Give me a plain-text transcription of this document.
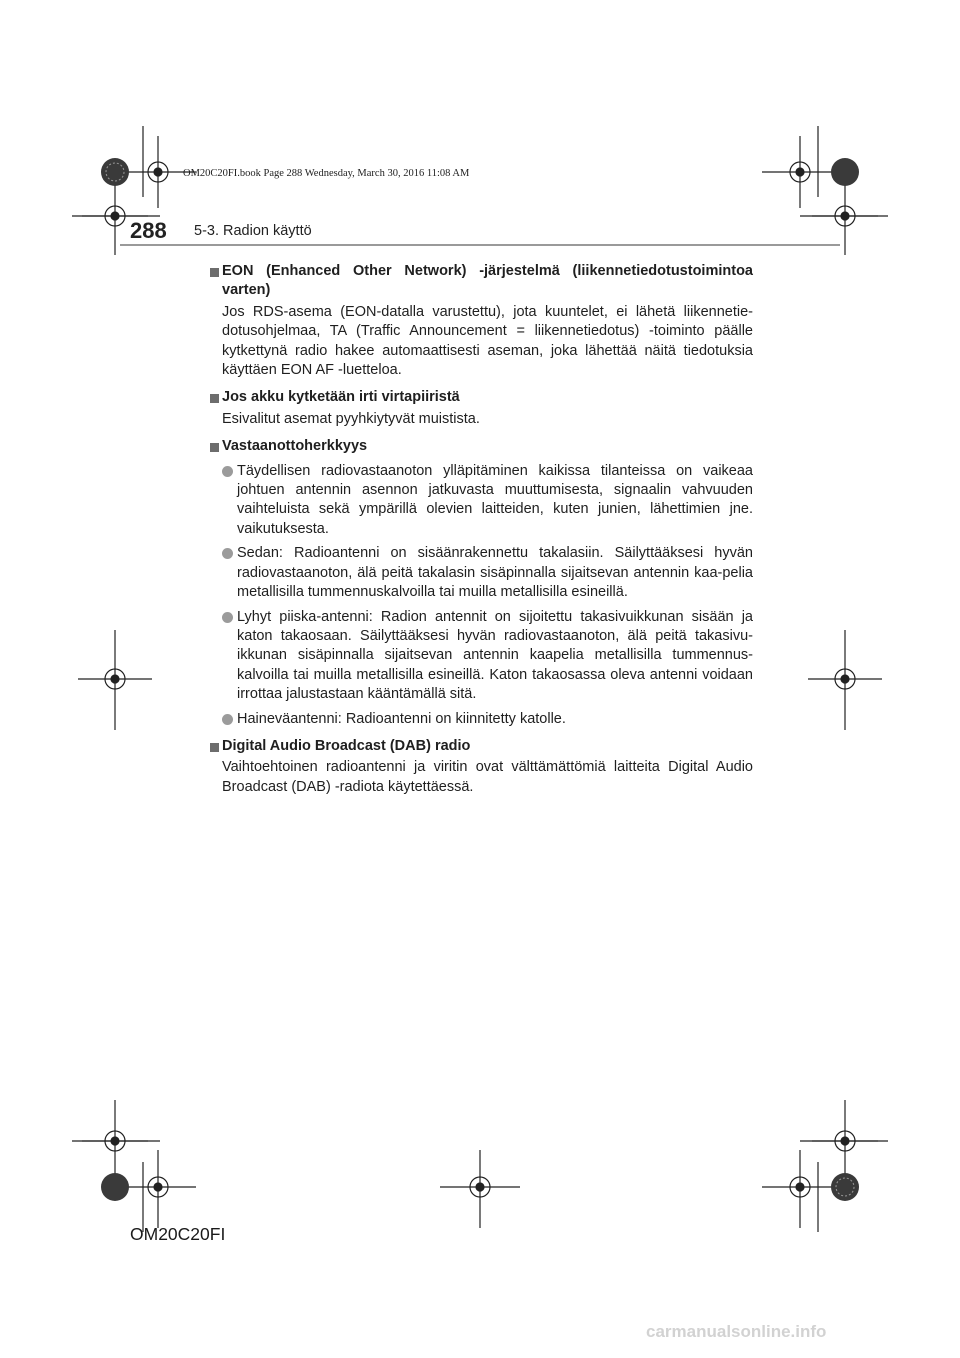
OM20C20FI.book Page 288 Wednesday, March 30, 2016 11:08 AM
288 5-3. Radion käyttö
EON (Enhanced Other Network) -järjestelmä (liikennetiedotustoimintoa varten)
Jos RDS-asema (EON-datalla varustettu), jota kuuntelet, ei lähetä liikennetie-dotusohjelmaa, TA (Traffic Announcement = liikennetiedotus) -toiminto päälle kytkettynä radio hakee automaattisesti aseman, joka lähettää näitä tiedotuksia käyttäen EON AF -luetteloa.
Jos akku kytketään irti virtapiiristä
Esivalitut asemat pyyhkiytyvät muistista.
Vastaanottoherkkyys
Täydellisen radiovastaanoton ylläpitäminen kaikissa tilanteissa on vaikeaa johtuen antennin asennon jatkuvasta muuttumisesta, signaalin vahvuuden vaihteluista sekä ympärillä olevien laitteiden, kuten junien, lähettimien jne. vaikutuksesta.
Sedan: Radioantenni on sisäänrakennettu takalasiin. Säilyttääksesi hyvän radiovastaanoton, älä peitä takalasin sisäpinnalla sijaitsevan antennin kaa-pelia metallisilla tummennuskalvoilla tai muilla metallisilla esineillä.
Lyhyt piiska-antenni: Radion antennit on sijoitettu takasivuikkunan sisään ja katon takaosaan. Säilyttääksesi hyvän radiovastaanoton, älä peitä takasivu-ikkunan sisäpinnalla sijaitsevan antennin kaapelia metallisilla tummennus-kalvoilla tai muilla metallisilla esineillä. Katon takaosassa oleva antenni voidaan irrottaa jalustastaan kääntämällä sitä.
Haineväantenni: Radioantenni on kiinnitetty katolle.
Digital Audio Broadcast (DAB) radio
Vaihtoehtoinen radioantenni ja viritin ovat välttämättömiä laitteita Digital Audio Broadcast (DAB) -radiota käytettäessä.
OM20C20FI
carmanualsonline.info
